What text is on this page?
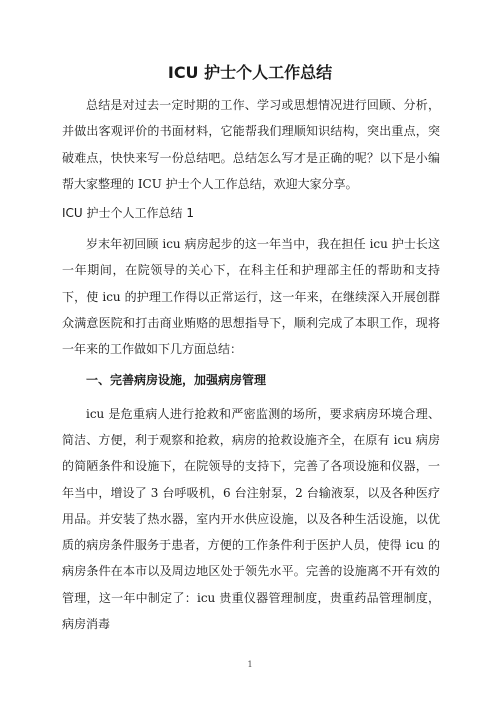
ICU 护士个人工作总结

总结是对过去一定时期的工作、学习或思想情况进行回顾、分析，并做出客观评价的书面材料，它能帮我们理顺知识结构，突出重点，突破难点，快快来写一份总结吧。总结怎么写才是正确的呢？以下是小编帮大家整理的 ICU 护士个人工作总结，欢迎大家分享。

ICU 护士个人工作总结 1

岁末年初回顾 icu 病房起步的这一年当中，我在担任 icu 护士长这一年期间，在院领导的关心下，在科主任和护理部主任的帮助和支持下，使 icu 的护理工作得以正常运行，这一年来，在继续深入开展创群众满意医院和打击商业贿赂的思想指导下，顺利完成了本职工作，现将一年来的工作做如下几方面总结：

一、完善病房设施，加强病房管理

icu 是危重病人进行抢救和严密监测的场所，要求病房环境合理、简洁、方便，利于观察和抢救，病房的抢救设施齐全，在原有 icu 病房的简陋条件和设施下，在院领导的支持下，完善了各项设施和仪器，一年当中，增设了 3 台呼吸机，6 台注射泵，2 台输液泵，以及各种医疗用品。并安装了热水器，室内开水供应设施，以及各种生活设施，以优质的病房条件服务于患者，方便的工作条件利于医护人员，使得 icu 的病房条件在本市以及周边地区处于领先水平。完善的设施离不开有效的管理，这一年中制定了：icu 贵重仪器管理制度，贵重药品管理制度，病房消毒

1
